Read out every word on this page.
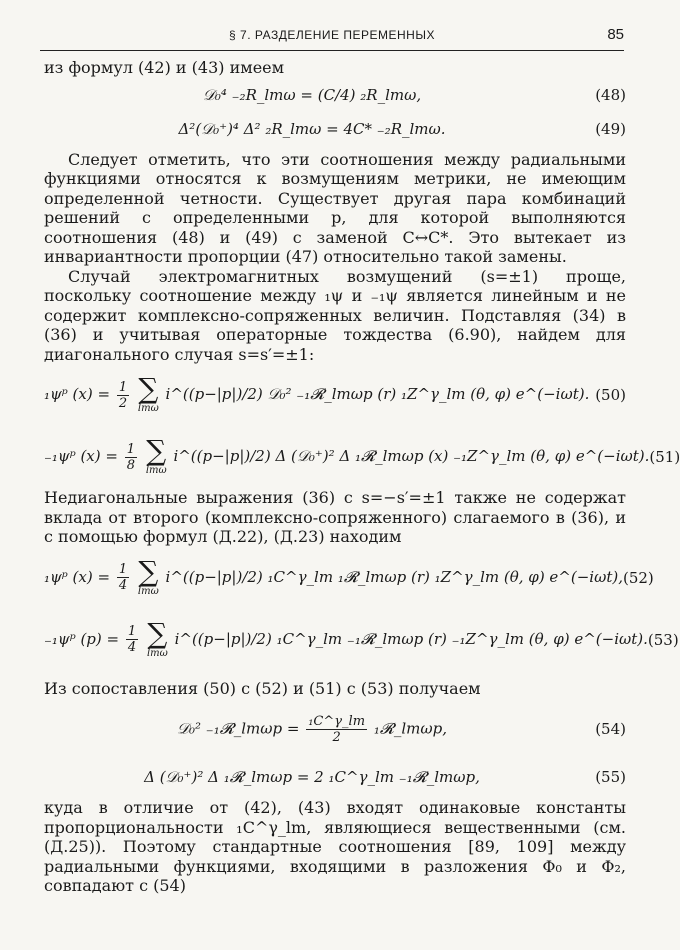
§ 7. РАЗДЕЛЕНИЕ ПЕРЕМЕННЫХ	85

из формул (42) и (43) имеем

𝒟₀⁴ ₋₂R_lmω = (C/4) ₂R_lmω,	(48)
Δ²(𝒟₀⁺)⁴ Δ² ₂R_lmω = 4C* ₋₂R_lmω.	(49)

Следует отметить, что эти соотношения между радиальными функциями относятся к возмущениям метрики, не имеющим определенной четности. Существует другая пара комбинаций решений с определенными p, для которой выполняются соотношения (48) и (49) с заменой C↔C*. Это вытекает из инвариантности пропорции (47) относительно такой замены.

Случай электромагнитных возмущений (s=±1) проще, поскольку соотношение между ₁ψ и ₋₁ψ является линейным и не содержит комплексно-сопряженных величин. Подставляя (34) в (36) и учитывая операторные тождества (6.90), найдем для диагонального случая s=s′=±1:

₁ψᵖ $(x) = \frac{1}{2}$
∑
lmω
i^((p−|p|)/2) 𝒟₀² ₋₁𝓡_lmωp (r) ₁Z^γ_lm (θ, φ) e^(−iωt). (50)
₋₁ψᵖ $(x) = \frac{1}{8}$
∑
lmω
i^((p−|p|)/2) Δ (𝒟₀⁺)² Δ ₁𝓡_lmωp (x) ₋₁Z^γ_lm (θ, φ) e^(−iωt). (51)

Недиагональные выражения (36) с s=−s′=±1 также не содержат вклада от второго (комплексно-сопряженного) слагаемого в (36), и с помощью формул (Д.22), (Д.23) находим

₁ψᵖ $(x) = \frac{1}{4}$
∑
lmω
i^((p−|p|)/2) ₁C^γ_lm ₁𝓡_lmωp (r) ₁Z^γ_lm (θ, φ) e^(−iωt), (52)
₋₁ψᵖ $(p) = \frac{1}{4}$
∑
lmω
i^((p−|p|)/2) ₁C^γ_lm ₋₁𝓡_lmωp (r) ₋₁Z^γ_lm (θ, φ) e^(−iωt). (53)

Из сопоставления (50) с (52) и (51) с (53) получаем

𝒟₀² ₋₁𝓡_lmωp = $\frac{\text{₁C\textasciicircum{}γ\_lm}}{2}$ ₁𝓡_lmωp,	(54)
Δ (𝒟₀⁺)² Δ ₁𝓡_lmωp = 2 ₁C^γ_lm ₋₁𝓡_lmωp,	(55)

куда в отличие от (42), (43) входят одинаковые константы пропорциональности ₁C^γ_lm, являющиеся вещественными (см. (Д.25)). Поэтому стандартные соотношения [89, 109] между радиальными функциями, входящими в разложения Φ₀ и Φ₂, совпадают с (54)
